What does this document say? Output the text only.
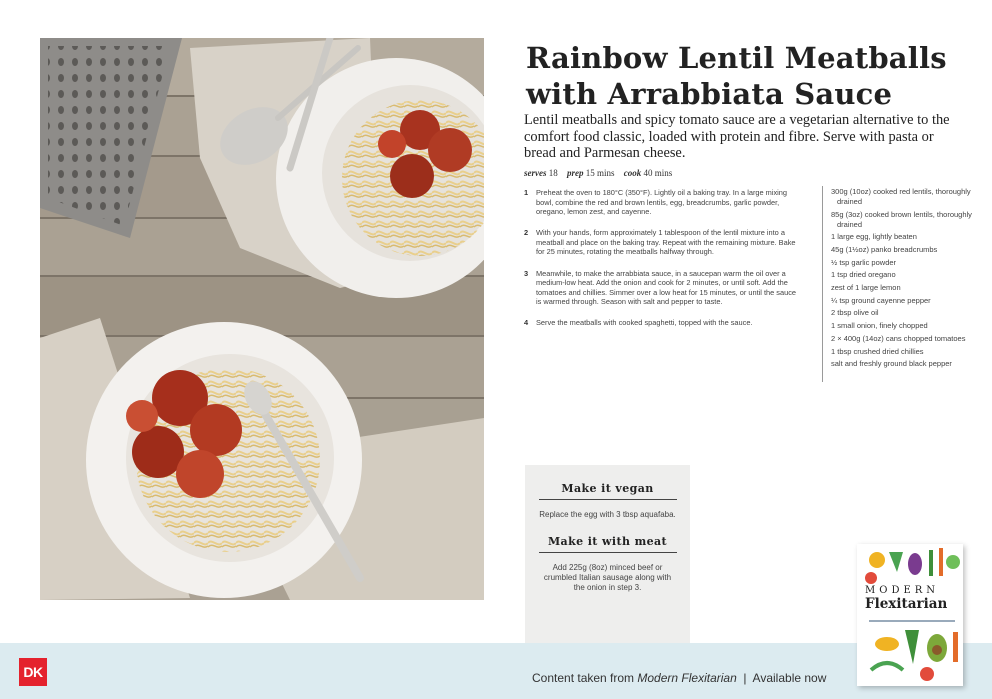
Rainbow Lentil Meatballs with Arrabbiata Sauce

Lentil meatballs and spicy tomato sauce are a vegetarian alternative to the comfort food classic, loaded with protein and fibre. Serve with pasta or bread and Parmesan cheese.

serves 18 prep 15 mins cook 40 mins
1	Preheat the oven to 180°C (350°F). Lightly oil a baking tray. In a large mixing bowl, combine the red and brown lentils, egg, breadcrumbs, garlic powder, oregano, lemon zest, and cayenne.
2	With your hands, form approximately 1 tablespoon of the lentil mixture into a meatball and place on the baking tray. Repeat with the remaining mixture. Bake for 25 minutes, rotating the meatballs halfway through.
3	Meanwhile, to make the arrabbiata sauce, in a saucepan warm the oil over a medium-low heat. Add the onion and cook for 2 minutes, or until soft. Add the tomatoes and chillies. Simmer over a low heat for 15 minutes, or until the sauce is warmed through. Season with salt and pepper to taste.
4	Serve the meatballs with cooked spaghetti, topped with the sauce.
300g (10oz) cooked red lentils, thoroughly drained
85g (3oz) cooked brown lentils, thoroughly drained
1 large egg, lightly beaten
45g (1½oz) panko breadcrumbs
½ tsp garlic powder
1 tsp dried oregano
zest of 1 large lemon
¼ tsp ground cayenne pepper
2 tbsp olive oil
1 small onion, finely chopped
2 × 400g (14oz) cans chopped tomatoes
1 tbsp crushed dried chillies
salt and freshly ground black pepper
Make it vegan

Replace the egg with 3 tbsp aquafaba.

Make it with meat

Add 225g (8oz) minced beef or crumbled Italian sausage along with the onion in step 3.

DK	Content taken from Modern Flexitarian  |  Available now

MODERN
Flexitarian
